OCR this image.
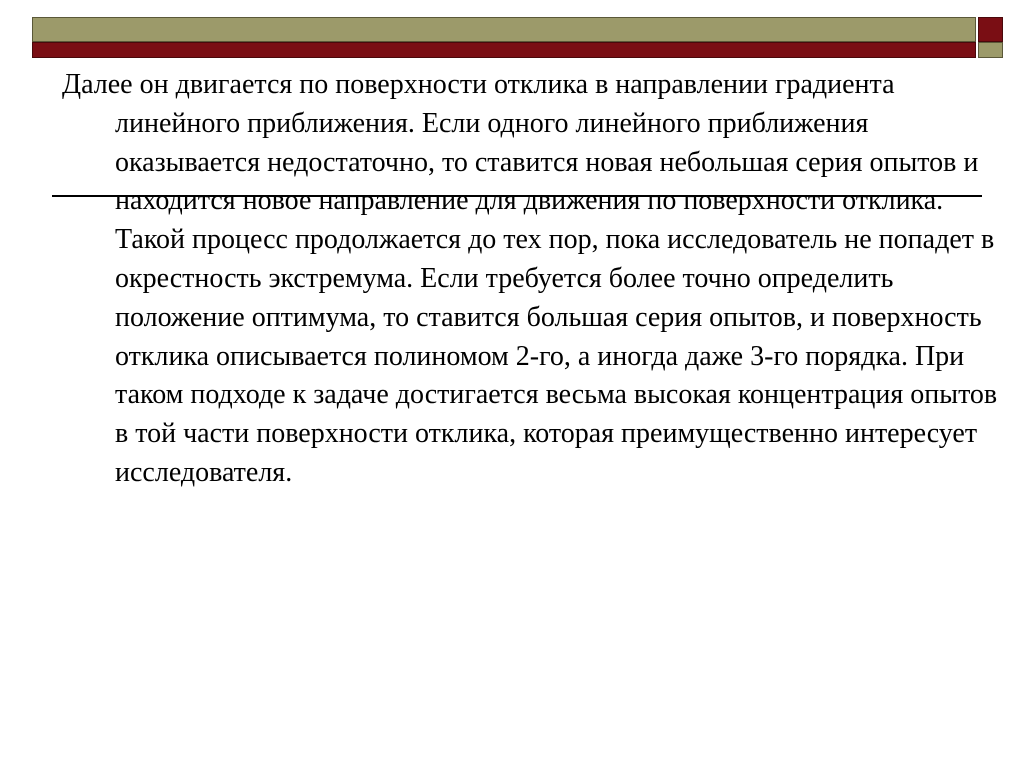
Далее он двигается по поверхности отклика в направлении градиента линейного приближения. Если одного линейного приближения оказывается недостаточно, то ставится новая небольшая серия опытов и находится новое направление для движения по поверхности отклика. Такой процесс продолжается до тех пор, пока исследователь не попадет в окрестность экстремума. Если требуется более точно определить положение оптимума, то ставится большая серия опытов, и поверхность отклика описывается полиномом 2-го, а иногда даже 3-го порядка. При таком подходе к задаче достигается весьма высокая концентрация опытов в той части поверхности отклика, которая преимущественно интересует исследователя.
